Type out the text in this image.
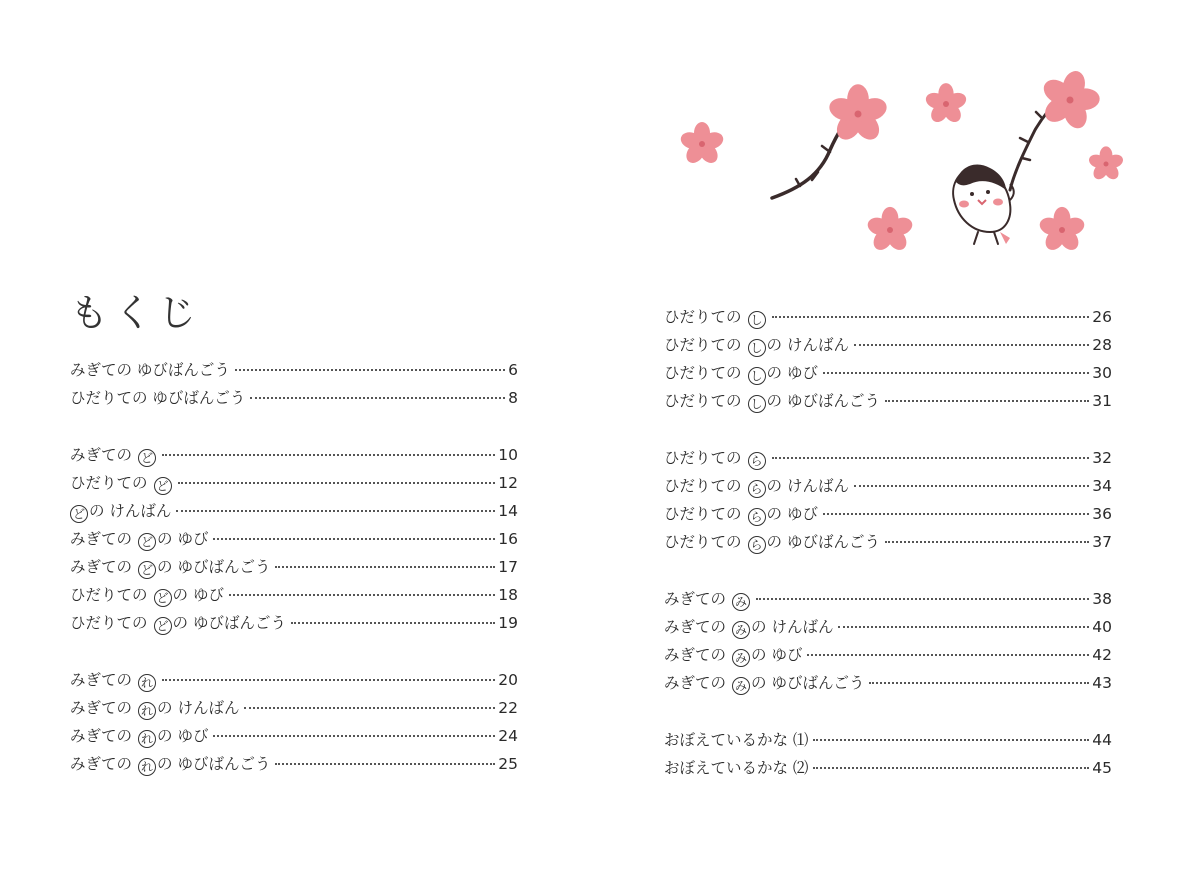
もくじ
みぎての ゆびばんごう	6
ひだりての ゆびばんごう	8
みぎての ど	10
ひだりての ど	12
ど の けんばん	14
みぎての ど の ゆび	16
みぎての ど の ゆびばんごう	17
ひだりての ど の ゆび	18
ひだりての ど の ゆびばんごう	19
みぎての れ	20
みぎての れ の けんばん	22
みぎての れ の ゆび	24
みぎての れ の ゆびばんごう	25
ひだりての し	26
ひだりての し の けんばん	28
ひだりての し の ゆび	30
ひだりての し の ゆびばんごう	31
ひだりての ら	32
ひだりての ら の けんばん	34
ひだりての ら の ゆび	36
ひだりての ら の ゆびばんごう	37
みぎての み	38
みぎての み の けんばん	40
みぎての み の ゆび	42
みぎての み の ゆびばんごう	43
おぼえているかな ⑴	44
おぼえているかな ⑵	45
